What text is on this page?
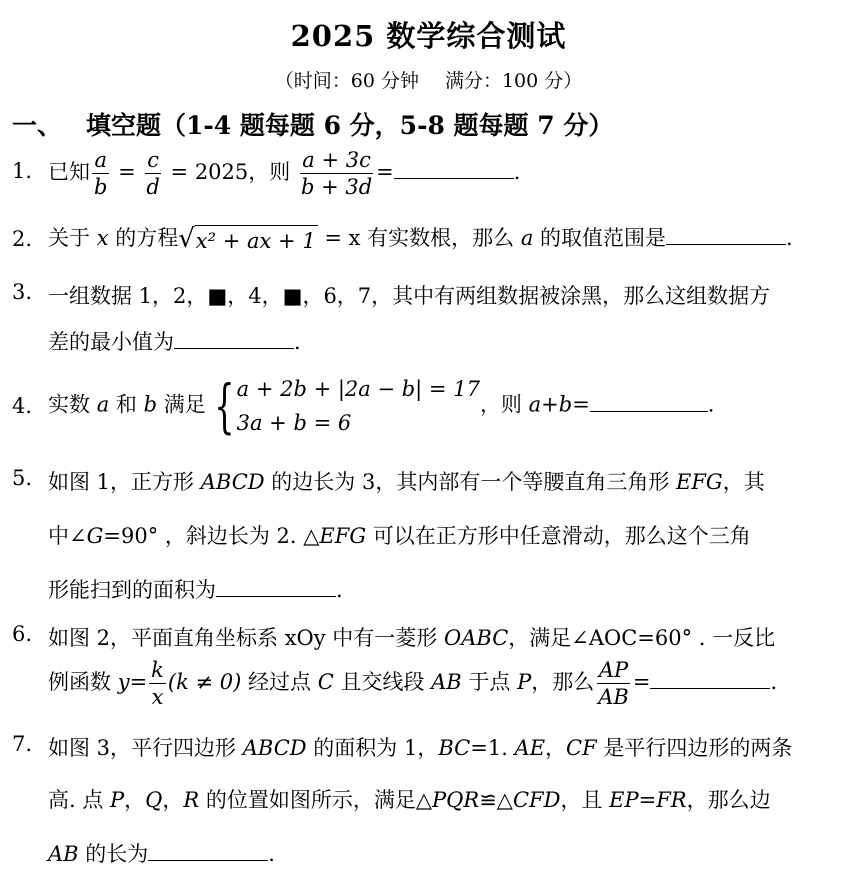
2025 数学综合测试
（时间：60 分钟 满分：100 分）
一、 填空题（1-4 题每题 6 分，5-8 题每题 7 分）
1. 已知 $\frac{a}{b} = \frac{c}{d} = 2025$，则 $\frac{a + 3c}{b + 3d}$ =	.
2. 关于 x 的方程 √ x² + ax + 1 = x 有实数根，那么 a 的取值范围是	.
3. 一组数据 1，2，■，4，■，6，7，其中有两组数据被涂黑，那么这组数据方
差的最小值为	.
4. 实数 a 和 b 满足 { a + 2b + |2a − b| = 17
3a + b = 6
，则 a+b=	.
5. 如图 1，正方形 ABCD 的边长为 3，其内部有一个等腰直角三角形 EFG，其
中∠G=90° ，斜边长为 2. △EFG 可以在正方形中任意滑动，那么这个三角
形能扫到的面积为	.
6. 如图 2，平面直角坐标系 xOy 中有一菱形 OABC，满足∠AOC=60° . 一反比
例函数 $y= \frac{k}{x} (k \ne 0)$ 经过点 C 且交线段 AB 于点 P，那么 $\frac{AP}{AB}$ =	.
7. 如图 3，平行四边形 ABCD 的面积为 1，BC=1. AE，CF 是平行四边形的两条
高. 点 P，Q，R 的位置如图所示，满足△PQR≌△CFD，且 EP=FR，那么边
AB 的长为	.
